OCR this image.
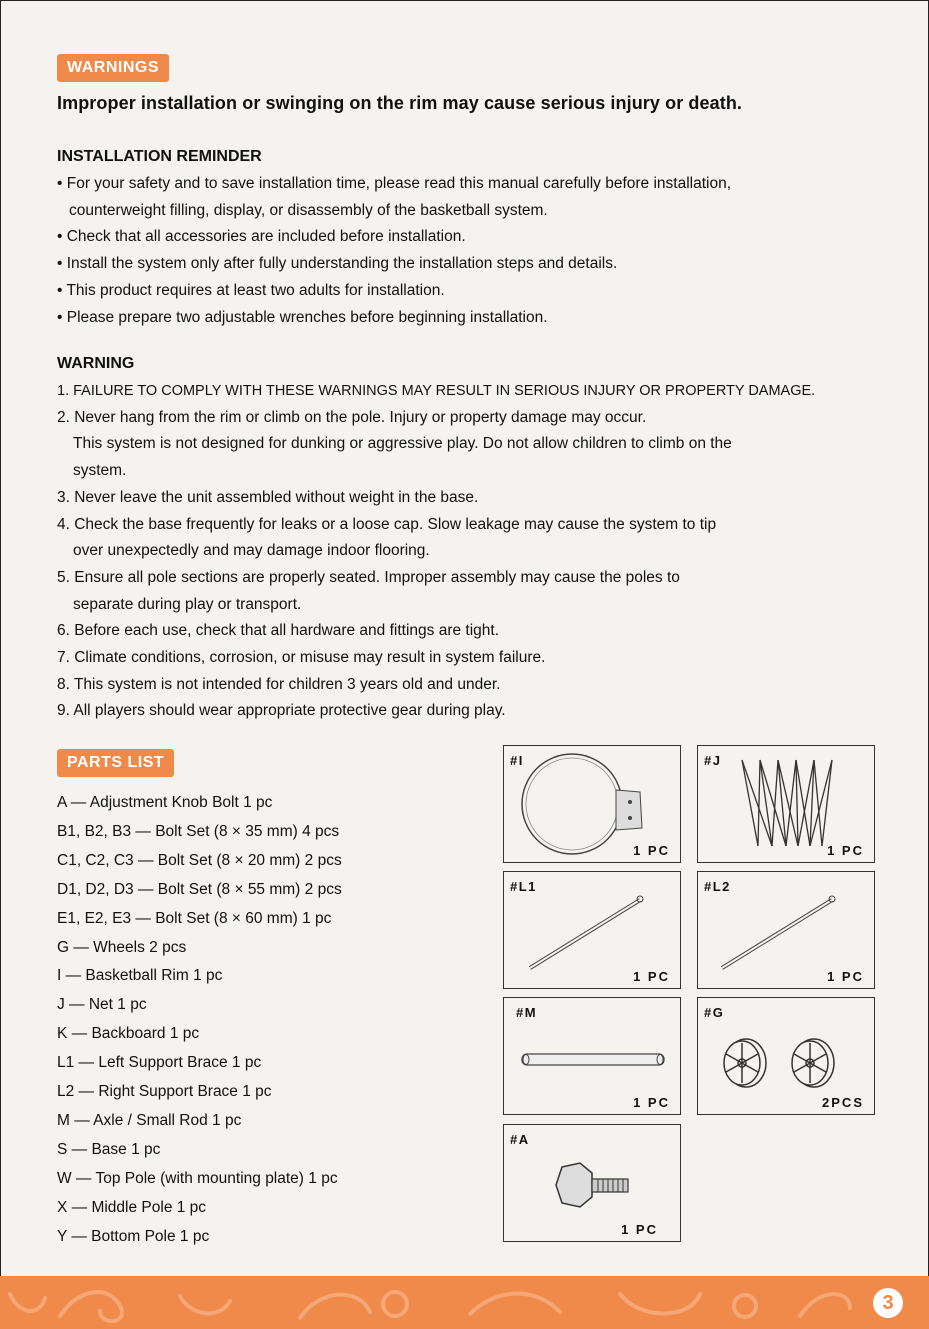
WARNINGS
Improper installation or swinging on the rim may cause serious injury or death.
INSTALLATION REMINDER
• For your safety and to save installation time, please read this manual carefully before installation,
counterweight filling, display, or disassembly of the basketball system.
• Check that all accessories are included before installation.
• Install the system only after fully understanding the installation steps and details.
• This product requires at least two adults for installation.
• Please prepare two adjustable wrenches before beginning installation.
WARNING
1. FAILURE TO COMPLY WITH THESE WARNINGS MAY RESULT IN SERIOUS INJURY OR PROPERTY DAMAGE.
2. Never hang from the rim or climb on the pole. Injury or property damage may occur.
This system is not designed for dunking or aggressive play. Do not allow children to climb on the
system.
3. Never leave the unit assembled without weight in the base.
4. Check the base frequently for leaks or a loose cap. Slow leakage may cause the system to tip
over unexpectedly and may damage indoor flooring.
5. Ensure all pole sections are properly seated. Improper assembly may cause the poles to
separate during play or transport.
6. Before each use, check that all hardware and fittings are tight.
7. Climate conditions, corrosion, or misuse may result in system failure.
8. This system is not intended for children 3 years old and under.
9. All players should wear appropriate protective gear during play.
PARTS LIST
A — Adjustment Knob Bolt 1 pc
B1, B2, B3 — Bolt Set (8 × 35 mm) 4 pcs
C1, C2, C3 — Bolt Set (8 × 20 mm) 2 pcs
D1, D2, D3 — Bolt Set (8 × 55 mm) 2 pcs
E1, E2, E3 — Bolt Set (8 × 60 mm) 1 pc
G — Wheels 2 pcs
I — Basketball Rim 1 pc
J — Net 1 pc
K — Backboard 1 pc
L1 — Left Support Brace 1 pc
L2 — Right Support Brace 1 pc
M — Axle / Small Rod 1 pc
S — Base 1 pc
W — Top Pole (with mounting plate) 1 pc
X — Middle Pole 1 pc
Y — Bottom Pole 1 pc
#I
1 PC
#J
1 PC
#L1
1 PC
#L2
1 PC
#M
1 PC
#G
2PCS
#A
1 PC
3
